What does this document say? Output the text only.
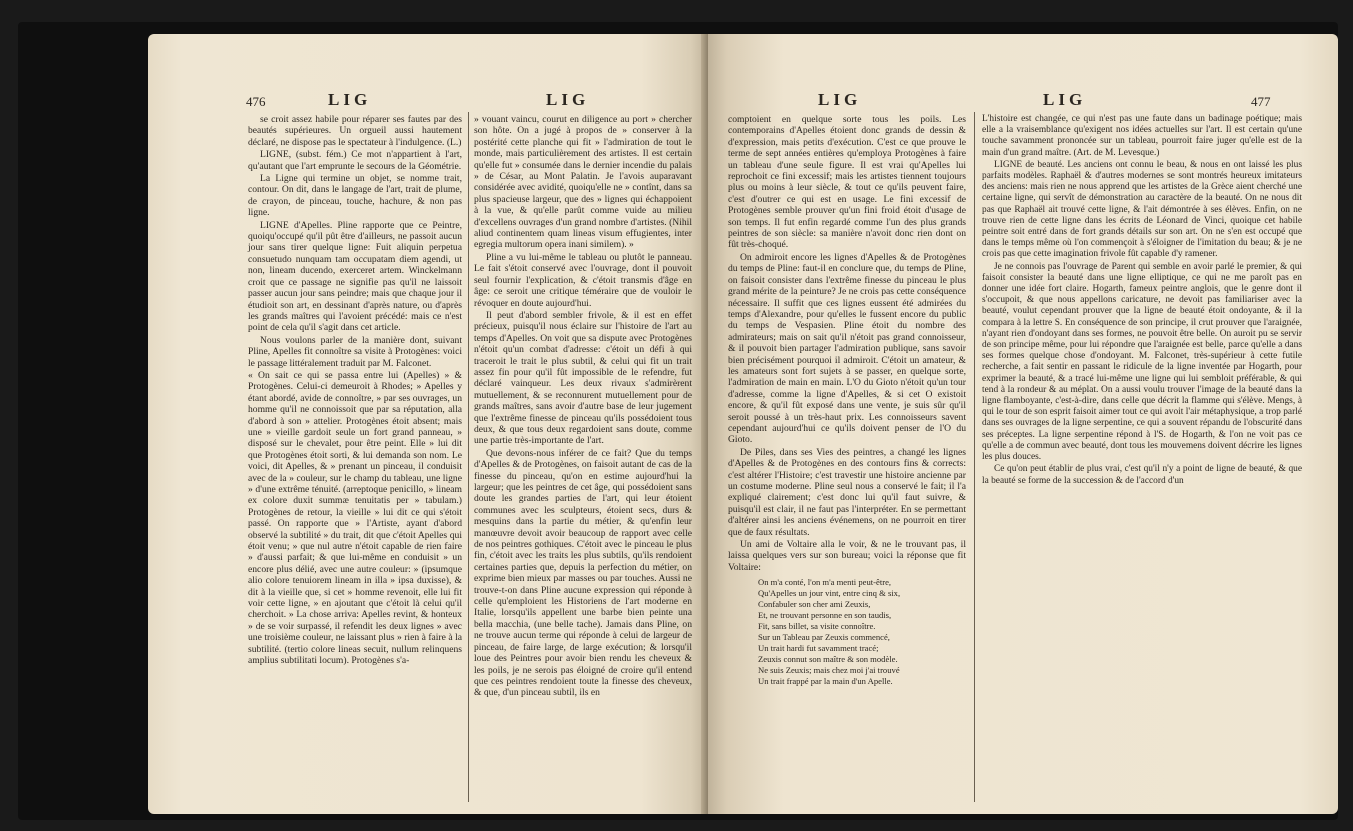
476	LIG	LIG

se croit assez habile pour réparer ses fautes par des beautés supérieures. Un orgueil aussi hautement déclaré, ne dispose pas le spectateur à l'indulgence. (L.)

LIGNE, (subst. fém.) Ce mot n'appartient à l'art, qu'autant que l'art emprunte le secours de la Géométrie.

La Ligne qui termine un objet, se nomme trait, contour. On dit, dans le langage de l'art, trait de plume, de crayon, de pinceau, touche, hachure, & non pas ligne.

LIGNE d'Apelles. Pline rapporte que ce Peintre, quoiqu'occupé qu'il pût être d'ailleurs, ne passoit aucun jour sans tirer quelque ligne: Fuit aliquin perpetua consuetudo nunquam tam occupatam diem agendi, ut non, lineam ducendo, exerceret artem. Winckelmann croit que ce passage ne signifie pas qu'il ne laissoit passer aucun jour sans peindre; mais que chaque jour il étudioit son art, en dessinant d'après nature, ou d'après les grands maîtres qui l'avoient précédé: mais ce n'est point de cela qu'il s'agit dans cet article.

Nous voulons parler de la manière dont, suivant Pline, Apelles fit connoître sa visite à Protogènes: voici le passage littéralement traduit par M. Falconet.

« On sait ce qui se passa entre lui (Apelles) » & Protogènes. Celui-ci demeuroit à Rhodes; » Apelles y étant abordé, avide de connoître, » par ses ouvrages, un homme qu'il ne connoissoit que par sa réputation, alla d'abord à son » attelier. Protogènes étoit absent; mais une » vieille gardoit seule un fort grand panneau, » disposé sur le chevalet, pour être peint. Elle » lui dit que Protogènes étoit sorti, & lui demanda son nom. Le voici, dit Apelles, & » prenant un pinceau, il conduisit avec de la » couleur, sur le champ du tableau, une ligne » d'une extrême ténuité. (arreptoque penicillo, » lineam ex colore duxit summæ tenuitatis per » tabulam.) Protogènes de retour, la vieille » lui dit ce qui s'étoit passé. On rapporte que » l'Artiste, ayant d'abord observé la subtilité » du trait, dit que c'étoit Apelles qui étoit venu; » que nul autre n'étoit capable de rien faire » d'aussi parfait; & que lui-même en conduisit » un encore plus délié, avec une autre couleur: » (ipsumque alio colore tenuiorem lineam in illa » ipsa duxisse), & dit à la vieille que, si cet » homme revenoit, elle lui fit voir cette ligne, » en ajoutant que c'étoit là celui qu'il cherchoit. » La chose arriva: Apelles revint, & honteux » de se voir surpassé, il refendit les deux lignes » avec une troisième couleur, ne laissant plus » rien à faire à la subtilité. (tertio colore lineas secuit, nullum relinquens amplius subtilitati locum). Protogènes s'a-

» vouant vaincu, courut en diligence au port » chercher son hôte. On a jugé à propos de » conserver à la postérité cette planche qui fit » l'admiration de tout le monde, mais particulièrement des artistes. Il est certain qu'elle fut » consumée dans le dernier incendie du palais » de César, au Mont Palatin. Je l'avois auparavant considérée avec avidité, quoiqu'elle ne » contînt, dans sa plus spacieuse largeur, que des » lignes qui échappoient à la vue, & qu'elle parût comme vuide au milieu d'excellens ouvrages d'un grand nombre d'artistes. (Nihil aliud continentem quam lineas visum effugientes, inter egregia multorum opera inani similem). »

Pline a vu lui-même le tableau ou plutôt le panneau. Le fait s'étoit conservé avec l'ouvrage, dont il pouvoit seul fournir l'explication, & c'étoit transmis d'âge en âge: ce seroit une critique téméraire que de vouloir le révoquer en doute aujourd'hui.

Il peut d'abord sembler frivole, & il est en effet précieux, puisqu'il nous éclaire sur l'histoire de l'art au temps d'Apelles. On voit que sa dispute avec Protogènes n'étoit qu'un combat d'adresse: c'étoit un défi à qui traceroit le trait le plus subtil, & celui qui fit un trait assez fin pour qu'il fût impossible de le refendre, fut déclaré vainqueur. Les deux rivaux s'admirèrent mutuellement, & se reconnurent mutuellement pour de grands maîtres, sans avoir d'autre base de leur jugement que l'extrême finesse de pinceau qu'ils possédoient tous deux, & que tous deux regardoient sans doute, comme une partie très-importante de l'art.

Que devons-nous inférer de ce fait? Que du temps d'Apelles & de Protogènes, on faisoit autant de cas de la finesse du pinceau, qu'on en estime aujourd'hui la largeur; que les peintres de cet âge, qui possédoient sans doute les grandes parties de l'art, qui leur étoient communes avec les sculpteurs, étoient secs, durs & mesquins dans la partie du métier, & qu'enfin leur manœuvre devoit avoir beaucoup de rapport avec celle de nos peintres gothiques. C'étoit avec le pinceau le plus fin, c'étoit avec les traits les plus subtils, qu'ils rendoient certaines parties que, depuis la perfection du métier, on exprime bien mieux par masses ou par touches. Aussi ne trouve-t-on dans Pline aucune expression qui réponde à celle qu'emploient les Historiens de l'art moderne en Italie, lorsqu'ils appellent une barbe bien peinte una bella macchia, (une belle tache). Jamais dans Pline, on ne trouve aucun terme qui réponde à celui de largeur de pinceau, de faire large, de large exécution; & lorsqu'il loue des Peintres pour avoir bien rendu les cheveux & les poils, je ne serois pas éloigné de croire qu'il entend que ces peintres rendoient toute la finesse des cheveux, & que, d'un pinceau subtil, ils en

LIG	LIG	477

comptoient en quelque sorte tous les poils. Les contemporains d'Apelles étoient donc grands de dessin & d'expression, mais petits d'exécution. C'est ce que prouve le terme de sept années entières qu'employa Protogènes à faire un tableau d'une seule figure. Il est vrai qu'Apelles lui reprochoit ce fini excessif; mais les artistes tiennent toujours plus ou moins à leur siècle, & tout ce qu'ils peuvent faire, c'est d'outrer ce qui est en usage. Le fini excessif de Protogènes semble prouver qu'un fini froid étoit d'usage de son temps. Il fut enfin regardé comme l'un des plus grands peintres de son siècle: sa manière n'avoit donc rien dont on fût très-choqué.

On admiroit encore les lignes d'Apelles & de Protogènes du temps de Pline: faut-il en conclure que, du temps de Pline, on faisoit consister dans l'extrême finesse du pinceau le plus grand mérite de la peinture? Je ne crois pas cette conséquence nécessaire. Il suffit que ces lignes eussent été admirées du temps d'Alexandre, pour qu'elles le fussent encore du public du temps de Vespasien. Pline étoit du nombre des admirateurs; mais on sait qu'il n'étoit pas grand connoisseur, & il pouvoit bien partager l'admiration publique, sans savoir bien précisément pourquoi il admiroit. C'étoit un amateur, & les amateurs sont fort sujets à se passer, en quelque sorte, l'admiration de main en main. L'O du Gioto n'étoit qu'un tour d'adresse, comme la ligne d'Apelles, & si cet O existoit encore, & qu'il fût exposé dans une vente, je suis sûr qu'il seroit poussé à un très-haut prix. Les connoisseurs savent cependant aujourd'hui ce qu'ils doivent penser de l'O du Gioto.

De Piles, dans ses Vies des peintres, a changé les lignes d'Apelles & de Protogènes en des contours fins & corrects: c'est altérer l'Histoire; c'est travestir une histoire ancienne par un costume moderne. Pline seul nous a conservé le fait; il l'a expliqué clairement; c'est donc lui qu'il faut suivre, & puisqu'il est clair, il ne faut pas l'interpréter. En se permettant d'altérer ainsi les anciens événemens, on ne pourroit en tirer que de faux résultats.

Un ami de Voltaire alla le voir, & ne le trouvant pas, il laissa quelques vers sur son bureau; voici la réponse que fit Voltaire:

On m'a conté, l'on m'a menti peut-être,
Qu'Apelles un jour vint, entre cinq & six,
Confabuler son cher ami Zeuxis,
Et, ne trouvant personne en son taudis,
Fit, sans billet, sa visite connoître.
Sur un Tableau par Zeuxis commencé,
Un trait hardi fut savamment tracé;
Zeuxis connut son maître & son modèle.
Ne suis Zeuxis; mais chez moi j'ai trouvé
Un trait frappé par la main d'un Apelle.

L'histoire est changée, ce qui n'est pas une faute dans un badinage poétique; mais elle a la vraisemblance qu'exigent nos idées actuelles sur l'art. Il est certain qu'une touche savamment prononcée sur un tableau, pourroit faire juger qu'elle est de la main d'un grand maître. (Art. de M. Levesque.)

LIGNE de beauté. Les anciens ont connu le beau, & nous en ont laissé les plus parfaits modèles. Raphaël & d'autres modernes se sont montrés heureux imitateurs des anciens: mais rien ne nous apprend que les artistes de la Grèce aient cherché une certaine ligne, qui servît de démonstration au caractère de la beauté. On ne nous dit pas que Raphaël ait trouvé cette ligne, & l'ait démontrée à ses élèves. Enfin, on ne trouve rien de cette ligne dans les écrits de Léonard de Vinci, quoique cet habile peintre soit entré dans de fort grands détails sur son art. On ne s'en est occupé que dans le temps même où l'on commençoit à s'éloigner de l'imitation du beau; & je ne crois pas que cette imagination frivole fût capable d'y ramener.

Je ne connois pas l'ouvrage de Parent qui semble en avoir parlé le premier, & qui faisoit consister la beauté dans une ligne elliptique, ce qui ne me paroît pas en donner une idée fort claire. Hogarth, fameux peintre anglois, que le genre dont il s'occupoit, & que nous appellons caricature, ne devoit pas familiariser avec la beauté, voulut cependant prouver que la ligne de beauté étoit ondoyante, & il la compara à la lettre S. En conséquence de son principe, il crut prouver que l'araignée, n'ayant rien d'ondoyant dans ses formes, ne pouvoit être belle. On auroit pu se servir de son principe même, pour lui répondre que l'araignée est belle, parce qu'elle a dans ses formes quelque chose d'ondoyant. M. Falconet, très-supérieur à cette futile recherche, a fait sentir en passant le ridicule de la ligne inventée par Hogarth, pour exprimer la beauté, & a tracé lui-même une ligne qui lui sembloit préférable, & qui tend à la rondeur & au méplat. On a aussi voulu trouver l'image de la beauté dans la ligne flamboyante, c'est-à-dire, dans celle que décrit la flamme qui s'élève. Mengs, à qui le tour de son esprit faisoit aimer tout ce qui avoit l'air métaphysique, a trop parlé dans ses ouvrages de la ligne serpentine, ce qui a souvent répandu de l'obscurité dans ses préceptes. La ligne serpentine répond à l'S. de Hogarth, & l'on ne voit pas ce qu'elle a de commun avec beauté, dont tous les mouvemens doivent décrire les lignes les plus douces.

Ce qu'on peut établir de plus vrai, c'est qu'il n'y a point de ligne de beauté, & que la beauté se forme de la succession & de l'accord d'un
